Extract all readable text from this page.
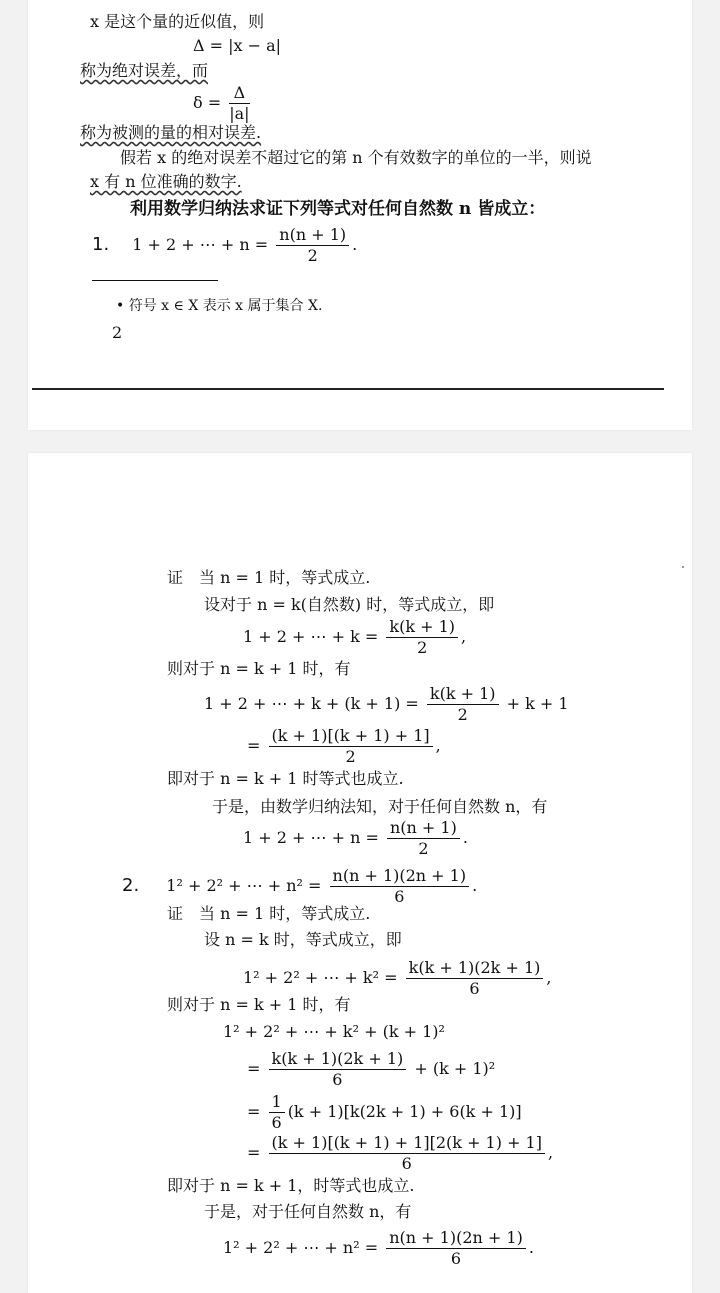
x 是这个量的近似值，则
Δ = |x − a|
称为绝对误差，而
$\delta = \frac{\Delta}{|a|}$
称为被测的量的相对误差.
假若 x 的绝对误差不超过它的第 n 个有效数字的单位的一半，则说
x 有 n 位准确的数字.
利用数学归纳法求证下列等式对任何自然数 n 皆成立：
1. 1 + 2 + ⋯ + $n = \frac{n(n + 1)}{2}$ .
• 符号 x ∈ X 表示 x 属于集合 X.
2
证　当 n = 1 时，等式成立.
设对于 n = k(自然数) 时，等式成立，即
1 + 2 + ⋯ + $k = \frac{k(k + 1)}{2}$ ,
则对于 n = k + 1 时，有
1 + 2 + ⋯ + $k + (k + 1) = \frac{k(k + 1)}{2} + k + 1$
= $\frac{(k + 1)[(k + 1) + 1]}{2}$ ,
即对于 n = k + 1 时等式也成立.
于是，由数学归纳法知，对于任何自然数 n，有
1 + 2 + ⋯ + $n = \frac{n(n + 1)}{2}$ .
2. 1² + 2² + ⋯ + $n^2 = \frac{n(n + 1)(2n + 1)}{6}$ .
证　当 n = 1 时，等式成立.
设 n = k 时，等式成立，即
1² + 2² + ⋯ + $k^2 = \frac{k(k + 1)(2k + 1)}{6}$ ,
则对于 n = k + 1 时，有
1² + 2² + ⋯ + k² + (k + 1)²
= $\frac{k(k + 1)(2k + 1)}{6} + (k + 1)^2$
= $\frac{1}{6} (k + 1)[k(2k + 1) + 6(k + 1)]$
= $\frac{(k + 1)[(k + 1) + 1][2(k + 1) + 1]}{6}$ ,
即对于 n = k + 1，时等式也成立.
于是，对于任何自然数 n，有
1² + 2² + ⋯ + $n^2 = \frac{n(n + 1)(2n + 1)}{6}$ .
